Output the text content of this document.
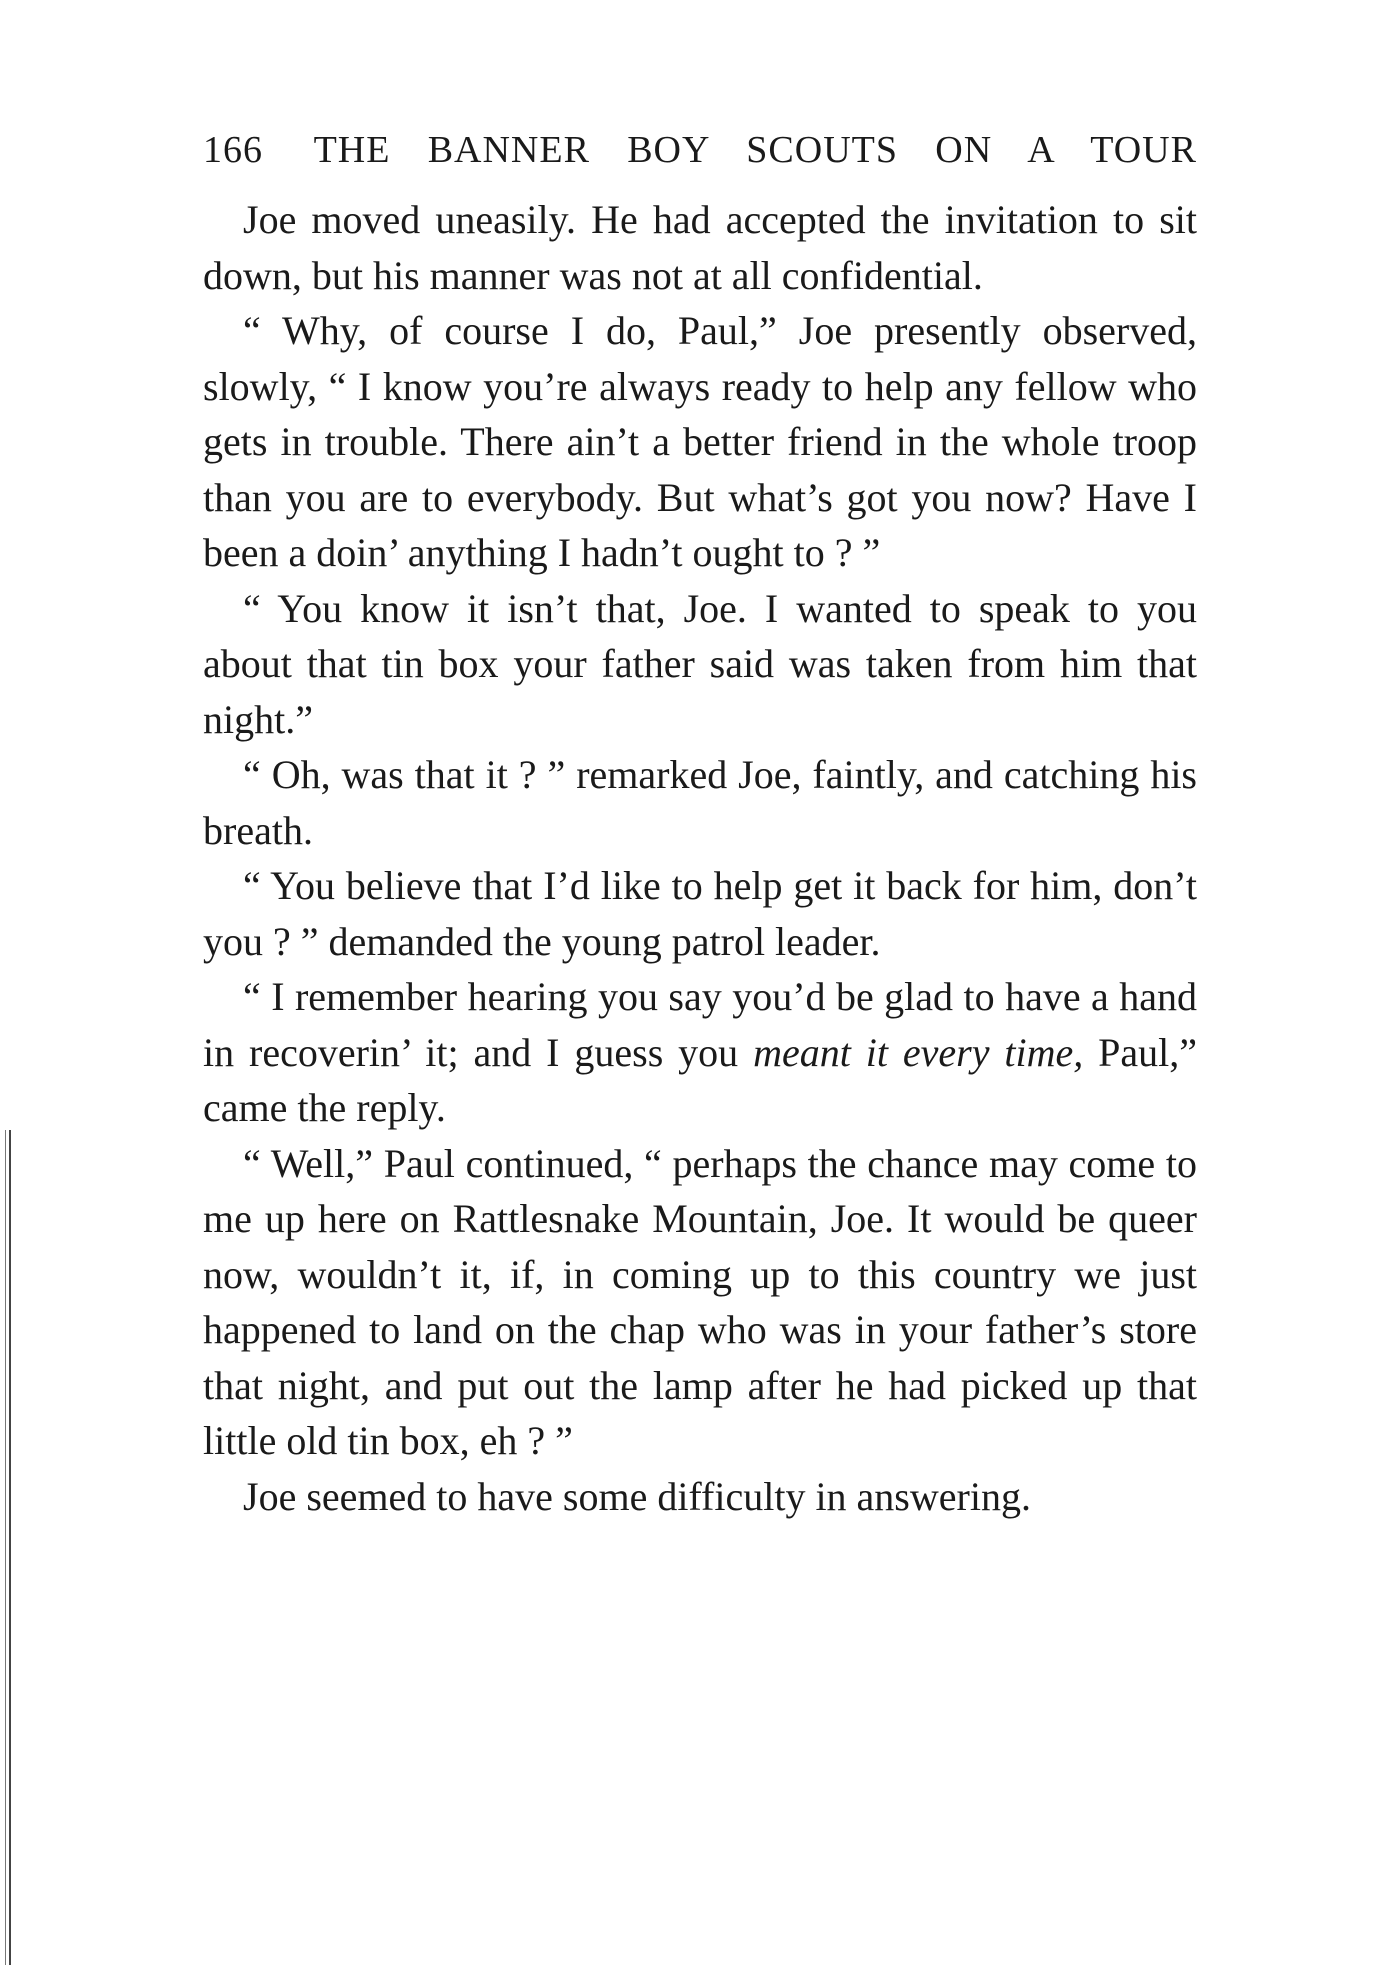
166 THE BANNER BOY SCOUTS ON A TOUR

Joe moved uneasily. He had accepted the invitation to sit down, but his manner was not at all confidential.

“ Why, of course I do, Paul,” Joe presently observed, slowly, “ I know you’re always ready to help any fellow who gets in trouble. There ain’t a better friend in the whole troop than you are to everybody. But what’s got you now? Have I been a doin’ anything I hadn’t ought to ? ”

“ You know it isn’t that, Joe. I wanted to speak to you about that tin box your father said was taken from him that night.”

“ Oh, was that it ? ” remarked Joe, faintly, and catching his breath.

“ You believe that I’d like to help get it back for him, don’t you ? ” demanded the young patrol leader.

“ I remember hearing you say you’d be glad to have a hand in recoverin’ it; and I guess you meant it every time, Paul,” came the reply.

“ Well,” Paul continued, “ perhaps the chance may come to me up here on Rattlesnake Mountain, Joe. It would be queer now, wouldn’t it, if, in coming up to this country we just happened to land on the chap who was in your father’s store that night, and put out the lamp after he had picked up that little old tin box, eh ? ”

Joe seemed to have some difficulty in answering.
